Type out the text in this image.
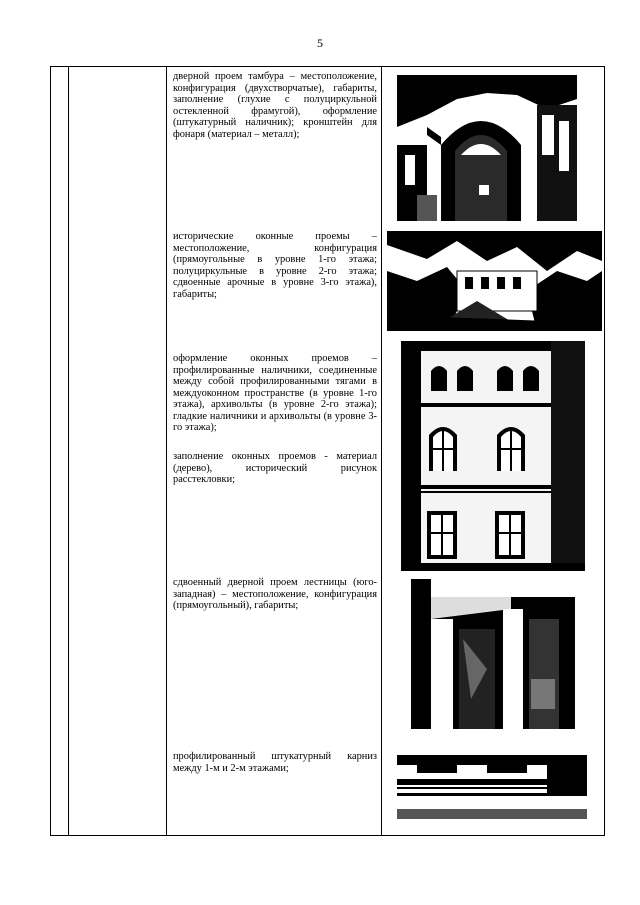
5

дверной проем тамбура – местоположение, конфигурация (двухстворчатые), габариты, заполнение (глухие с полуциркульной остекленной фрамугой), оформление (штукатурный наличник); кронштейн для фонаря (материал – металл);

исторические оконные проемы – местоположение, конфигурация (прямоугольные в уровне 1-го этажа; полуциркульные в уровне 2-го этажа; сдвоенные арочные в уровне 3-го этажа), габариты;

оформление оконных проемов – профилированные наличники, соединенные между собой профилированными тягами в междуоконном пространстве (в уровне 1-го этажа), архивольты (в уровне 2-го этажа); гладкие наличники и архивольты (в уровне 3-го этажа);

заполнение оконных проемов - материал (дерево), исторический рисунок расстекловки;

сдвоенный дверной проем лестницы (юго-западная) – местоположение, конфигурация (прямоугольный), габариты;

профилированный штукатурный карниз между 1-м и 2-м этажами;
